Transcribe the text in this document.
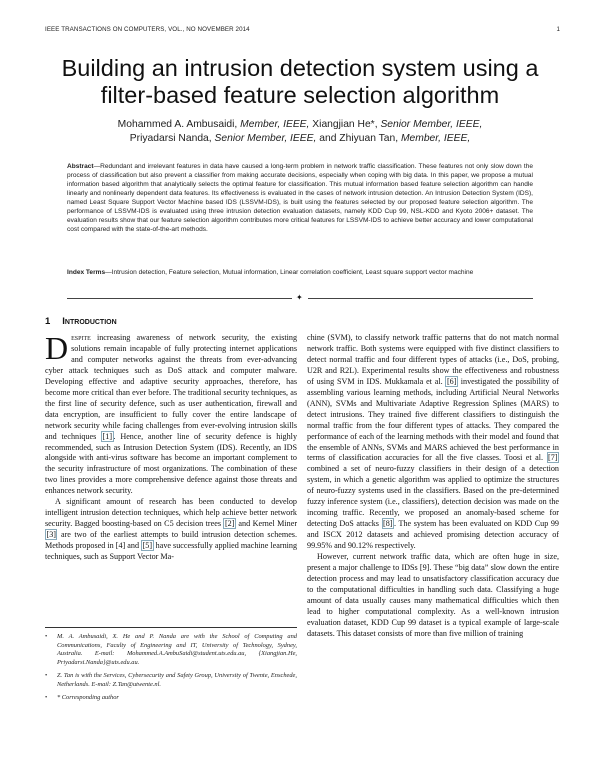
IEEE TRANSACTIONS ON COMPUTERS, VOL., NO NOVEMBER 2014	1
Building an intrusion detection system using a
filter-based feature selection algorithm
Mohammed A. Ambusaidi, Member, IEEE, Xiangjian He*, Senior Member, IEEE,
Priyadarsi Nanda, Senior Member, IEEE, and Zhiyuan Tan, Member, IEEE,
Abstract—Redundant and irrelevant features in data have caused a long-term problem in network traffic classification. These features not only slow down the process of classification but also prevent a classifier from making accurate decisions, especially when coping with big data. In this paper, we propose a mutual information based algorithm that analytically selects the optimal feature for classification. This mutual information based feature selection algorithm can handle linearly and nonlinearly dependent data features. Its effectiveness is evaluated in the cases of network intrusion detection. An Intrusion Detection System (IDS), named Least Square Support Vector Machine based IDS (LSSVM-IDS), is built using the features selected by our proposed feature selection algorithm. The performance of LSSVM-IDS is evaluated using three intrusion detection evaluation datasets, namely KDD Cup 99, NSL-KDD and Kyoto 2006+ dataset. The evaluation results show that our feature selection algorithm contributes more critical features for LSSVM-IDS to achieve better accuracy and lower computational cost compared with the state-of-the-art methods.
Index Terms—Intrusion detection, Feature selection, Mutual information, Linear correlation coefficient, Least square support vector machine
✦
1 Introduction

Despite increasing awareness of network security, the existing solutions remain incapable of fully protecting internet applications and computer networks against the threats from ever-advancing cyber attack techniques such as DoS attack and computer malware. Developing effective and adaptive security approaches, therefore, has become more critical than ever before. The traditional security techniques, as the first line of security defence, such as user authentication, firewall and data encryption, are insufficient to fully cover the entire landscape of network security while facing challenges from ever-evolving intrusion skills and techniques [1] . Hence, another line of security defence is highly recommended, such as Intrusion Detection System (IDS). Recently, an IDS alongside with anti-virus software has become an important complement to the security infrastructure of most organizations. The combination of these two lines provides a more comprehensive defence against those threats and enhances network security.

A significant amount of research has been conducted to develop intelligent intrusion detection techniques, which help achieve better network security. Bagged boosting-based on C5 decision trees [2] and Kernel Miner [3] are two of the earliest attempts to build intrusion detection schemes. Methods proposed in [4] and [5] have successfully applied machine learning techniques, such as Support Vector Ma-

•	M. A. Ambusaidi, X. He and P. Nanda are with the School of Computing and Communications, Faculty of Engineering and IT, University of Technology, Sydney, Australia. E-mail: Mohammed.A.AmbuSaidi@student.uts.edu.au, {Xiangjian.He, Priyadarsi.Nanda}@uts.edu.au.
•	Z. Tan is with the Services, Cybersecurity and Safety Group, University of Twente, Enschede, Netherlands. E-mail: Z.Tan@utwente.nl.
•	* Corresponding author

chine (SVM), to classify network traffic patterns that do not match normal network traffic. Both systems were equipped with five distinct classifiers to detect normal traffic and four different types of attacks (i.e., DoS, probing, U2R and R2L). Experimental results show the effectiveness and robustness of using SVM in IDS. Mukkamala et al. [6] investigated the possibility of assembling various learning methods, including Artificial Neural Networks (ANN), SVMs and Multivariate Adaptive Regression Splines (MARS) to detect intrusions. They trained five different classifiers to distinguish the normal traffic from the four different types of attacks. They compared the performance of each of the learning methods with their model and found that the ensemble of ANNs, SVMs and MARS achieved the best performance in terms of classification accuracies for all the five classes. Toosi et al. [7] combined a set of neuro-fuzzy classifiers in their design of a detection system, in which a genetic algorithm was applied to optimize the structures of neuro-fuzzy systems used in the classifiers. Based on the pre-determined fuzzy inference system (i.e., classifiers), detection decision was made on the incoming traffic. Recently, we proposed an anomaly-based scheme for detecting DoS attacks [8] . The system has been evaluated on KDD Cup 99 and ISCX 2012 datasets and achieved promising detection accuracy of 99.95% and 90.12% respectively.

However, current network traffic data, which are often huge in size, present a major challenge to IDSs [9]. These “big data” slow down the entire detection process and may lead to unsatisfactory classification accuracy due to the computational difficulties in handling such data. Classifying a huge amount of data usually causes many mathematical difficulties which then lead to higher computational complexity. As a well-known intrusion evaluation dataset, KDD Cup 99 dataset is a typical example of large-scale datasets. This dataset consists of more than five million of training
